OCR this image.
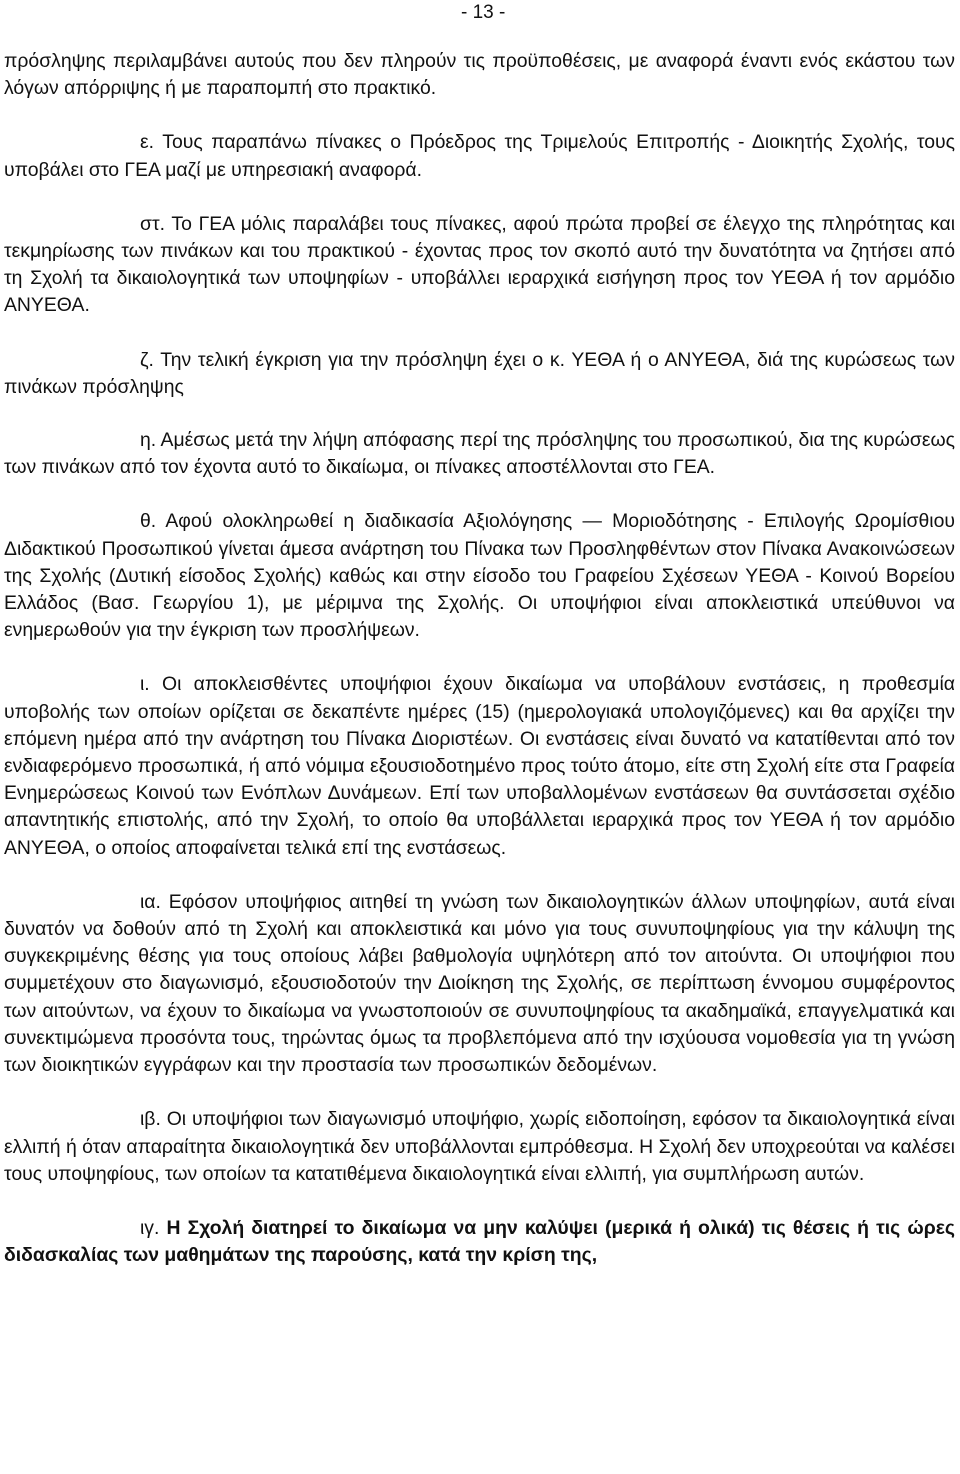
- 13 -

πρόσληψης περιλαμβάνει αυτούς που δεν πληρούν τις προϋποθέσεις, με αναφορά έναντι ενός εκάστου των λόγων απόρριψης ή με παραπομπή στο πρακτικό.

ε. Τους παραπάνω πίνακες ο Πρόεδρος της Τριμελούς Επιτροπής - Διοικητής Σχολής, τους υποβάλει στο ΓΕΑ μαζί με υπηρεσιακή αναφορά.

στ. Το ΓΕΑ μόλις παραλάβει τους πίνακες, αφού πρώτα προβεί σε έλεγχο της πληρότητας και τεκμηρίωσης των πινάκων και του πρακτικού - έχοντας προς τον σκοπό αυτό την δυνατότητα να ζητήσει από τη Σχολή τα δικαιολογητικά των υποψηφίων - υποβάλλει ιεραρχικά εισήγηση προς τον ΥΕΘΑ ή τον αρμόδιο ΑΝΥΕΘΑ.

ζ. Την τελική έγκριση για την πρόσληψη έχει ο κ. ΥΕΘΑ ή ο ΑΝΥΕΘΑ, διά της κυρώσεως των πινάκων πρόσληψης

η. Αμέσως μετά την λήψη απόφασης περί της πρόσληψης του προσωπικού, δια της κυρώσεως των πινάκων από τον έχοντα αυτό το δικαίωμα, οι πίνακες αποστέλλονται στο ΓΕΑ.

θ. Αφού ολοκληρωθεί η διαδικασία Αξιολόγησης — Μοριοδότησης - Επιλογής Ωρομίσθιου Διδακτικού Προσωπικού γίνεται άμεσα ανάρτηση του Πίνακα των Προσληφθέντων στον Πίνακα Ανακοινώσεων της Σχολής (Δυτική είσοδος Σχολής) καθώς και στην είσοδο του Γραφείου Σχέσεων ΥΕΘΑ - Κοινού Βορείου Ελλάδος (Βασ. Γεωργίου 1), με μέριμνα της Σχολής. Οι υποψήφιοι είναι αποκλειστικά υπεύθυνοι να ενημερωθούν για την έγκριση των προσλήψεων.

ι. Οι αποκλεισθέντες υποψήφιοι έχουν δικαίωμα να υποβάλουν ενστάσεις, η προθεσμία υποβολής των οποίων ορίζεται σε δεκαπέντε ημέρες (15) (ημερολογιακά υπολογιζόμενες) και θα αρχίζει την επόμενη ημέρα από την ανάρτηση του Πίνακα Διοριστέων. Οι ενστάσεις είναι δυνατό να κατατίθενται από τον ενδιαφερόμενο προσωπικά, ή από νόμιμα εξουσιοδοτημένο προς τούτο άτομο, είτε στη Σχολή είτε στα Γραφεία Ενημερώσεως Κοινού των Ενόπλων Δυνάμεων. Επί των υποβαλλομένων ενστάσεων θα συντάσσεται σχέδιο απαντητικής επιστολής, από την Σχολή, το οποίο θα υποβάλλεται ιεραρχικά προς τον ΥΕΘΑ ή τον αρμόδιο ΑΝΥΕΘΑ, ο οποίος αποφαίνεται τελικά επί της ενστάσεως.

ια. Εφόσον υποψήφιος αιτηθεί τη γνώση των δικαιολογητικών άλλων υποψηφίων, αυτά είναι δυνατόν να δοθούν από τη Σχολή και αποκλειστικά και μόνο για τους συνυποψηφίους για την κάλυψη της συγκεκριμένης θέσης για τους οποίους λάβει βαθμολογία υψηλότερη από τον αιτούντα. Οι υποψήφιοι που συμμετέχουν στο διαγωνισμό, εξουσιοδοτούν την Διοίκηση της Σχολής, σε περίπτωση έννομου συμφέροντος των αιτούντων, να έχουν το δικαίωμα να γνωστοποιούν σε συνυποψηφίους τα ακαδημαϊκά, επαγγελματικά και συνεκτιμώμενα προσόντα τους, τηρώντας όμως τα προβλεπόμενα από την ισχύουσα νομοθεσία για τη γνώση των διοικητικών εγγράφων και την προστασία των προσωπικών δεδομένων.

ιβ. Οι υποψήφιοι των διαγωνισμό υποψήφιο, χωρίς ειδοποίηση, εφόσον τα δικαιολογητικά είναι ελλιπή ή όταν απαραίτητα δικαιολογητικά δεν υποβάλλονται εμπρόθεσμα. Η Σχολή δεν υποχρεούται να καλέσει τους υποψηφίους, των οποίων τα κατατιθέμενα δικαιολογητικά είναι ελλιπή, για συμπλήρωση αυτών.

ιγ. Η Σχολή διατηρεί το δικαίωμα να μην καλύψει (μερικά ή ολικά) τις θέσεις ή τις ώρες διδασκαλίας των μαθημάτων της παρούσης, κατά την κρίση της,
